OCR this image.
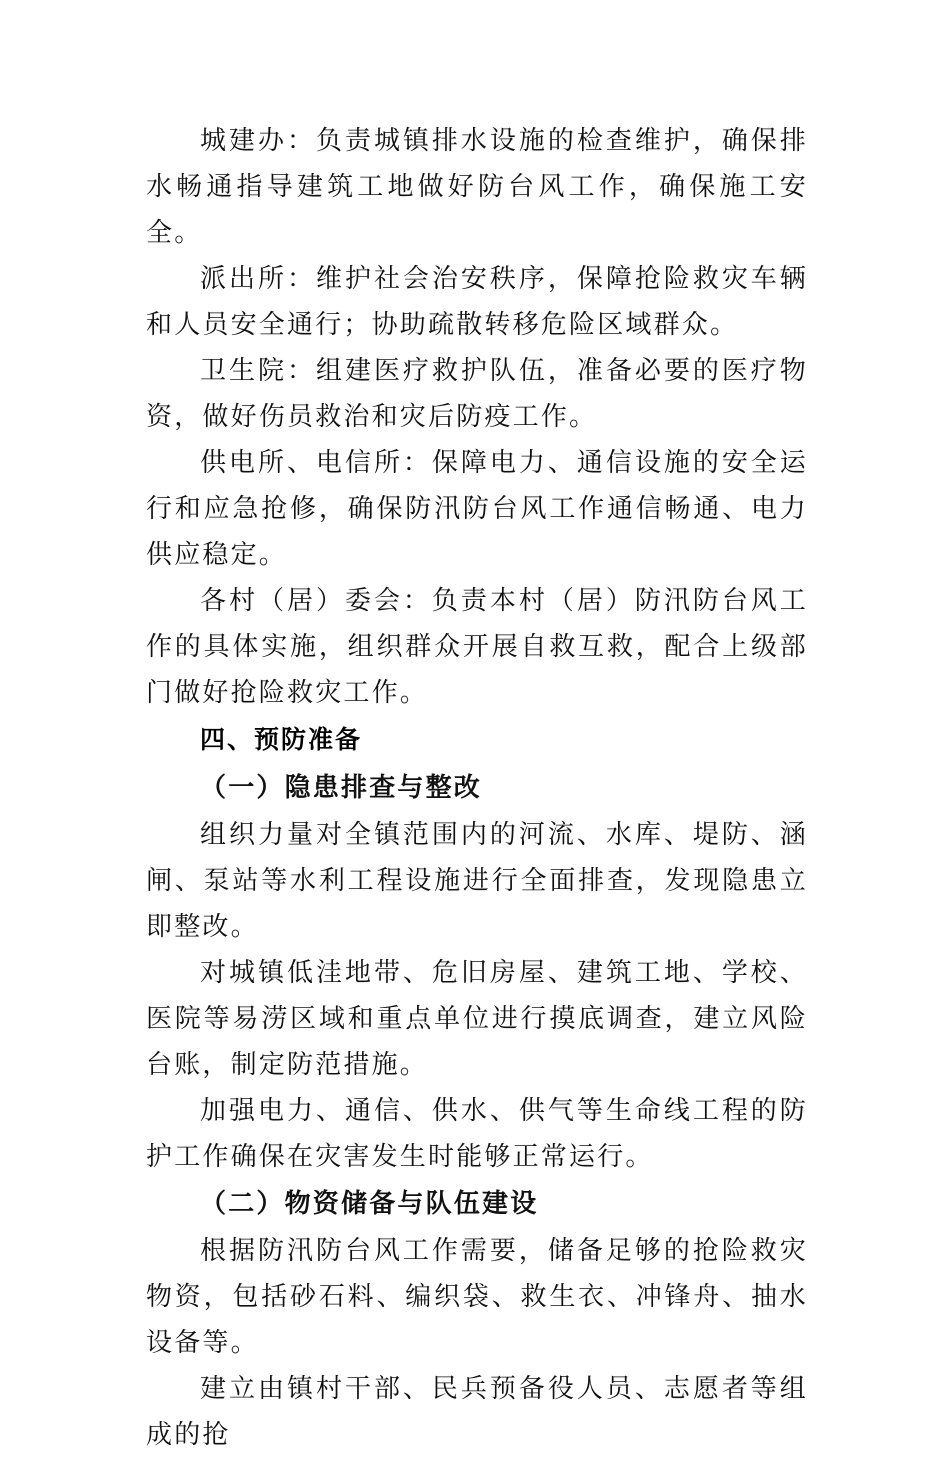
城建办：负责城镇排水设施的检查维护，确保排水畅通指导建筑工地做好防台风工作，确保施工安全。

派出所：维护社会治安秩序，保障抢险救灾车辆和人员安全通行；协助疏散转移危险区域群众。

卫生院：组建医疗救护队伍，准备必要的医疗物资，做好伤员救治和灾后防疫工作。

供电所、电信所：保障电力、通信设施的安全运行和应急抢修，确保防汛防台风工作通信畅通、电力供应稳定。

各村（居）委会：负责本村（居）防汛防台风工作的具体实施，组织群众开展自救互救，配合上级部门做好抢险救灾工作。

四、预防准备
（一）隐患排查与整改

组织力量对全镇范围内的河流、水库、堤防、涵闸、泵站等水利工程设施进行全面排查，发现隐患立即整改。

对城镇低洼地带、危旧房屋、建筑工地、学校、医院等易涝区域和重点单位进行摸底调查，建立风险台账，制定防范措施。

加强电力、通信、供水、供气等生命线工程的防护工作确保在灾害发生时能够正常运行。

（二）物资储备与队伍建设

根据防汛防台风工作需要，储备足够的抢险救灾物资，包括砂石料、编织袋、救生衣、冲锋舟、抽水设备等。

建立由镇村干部、民兵预备役人员、志愿者等组成的抢
